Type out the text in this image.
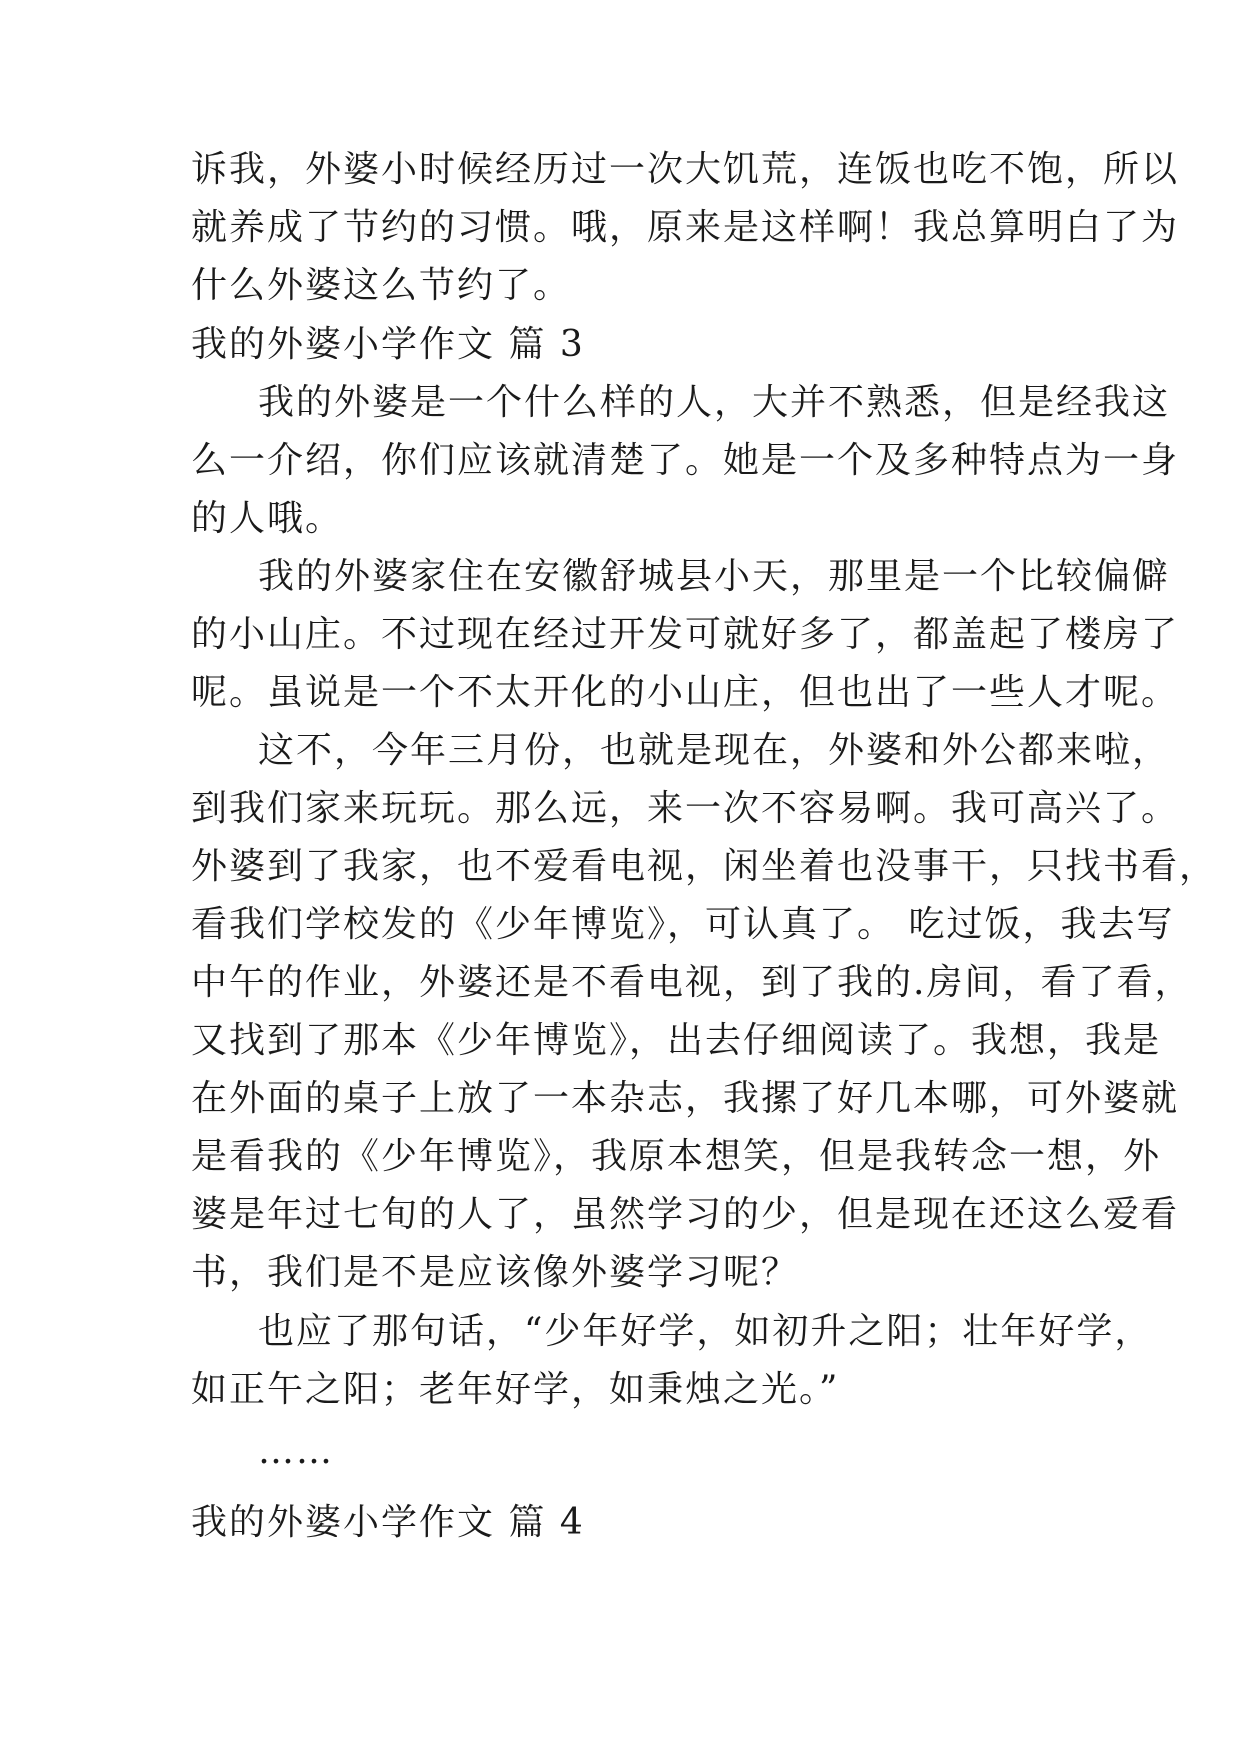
诉我，外婆小时候经历过一次大饥荒，连饭也吃不饱，所以
就养成了节约的习惯。哦，原来是这样啊！我总算明白了为
什么外婆这么节约了。
我的外婆小学作文 篇 3
我的外婆是一个什么样的人，大并不熟悉，但是经我这
么一介绍，你们应该就清楚了。她是一个及多种特点为一身
的人哦。
我的外婆家住在安徽舒城县小天，那里是一个比较偏僻
的小山庄。不过现在经过开发可就好多了，都盖起了楼房了
呢。虽说是一个不太开化的小山庄，但也出了一些人才呢。
这不，今年三月份，也就是现在，外婆和外公都来啦，
到我们家来玩玩。那么远，来一次不容易啊。我可高兴了。
外婆到了我家，也不爱看电视，闲坐着也没事干，只找书看，
看我们学校发的《少年博览》，可认真了。 吃过饭，我去写
中午的作业，外婆还是不看电视，到了我的.房间，看了看，
又找到了那本《少年博览》，出去仔细阅读了。我想，我是
在外面的桌子上放了一本杂志，我摞了好几本哪，可外婆就
是看我的《少年博览》，我原本想笑，但是我转念一想，外
婆是年过七旬的人了，虽然学习的少，但是现在还这么爱看
书，我们是不是应该像外婆学习呢？
也应了那句话，“少年好学，如初升之阳；壮年好学，
如正午之阳；老年好学，如秉烛之光。”
……
我的外婆小学作文 篇 4
